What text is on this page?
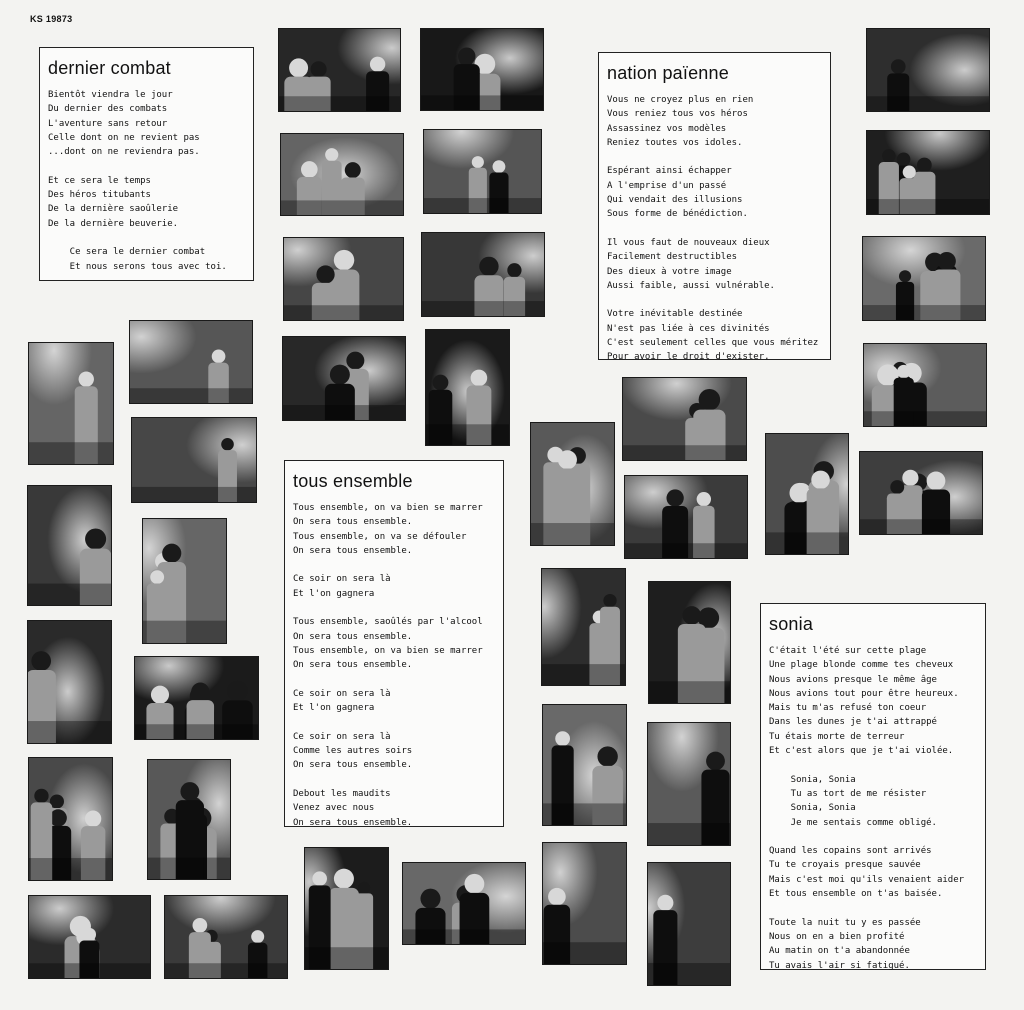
KS 19873
dernier combat
Bientôt viendra le jour
Du dernier des combats
L'aventure sans retour
Celle dont on ne revient pas
...dont on ne reviendra pas.
Et ce sera le temps
Des héros titubants
De la dernière saoûlerie
De la dernière beuverie.
Ce sera le dernier combat
Et nous serons tous avec toi.
nation païenne
Vous ne croyez plus en rien
Vous reniez tous vos héros
Assassinez vos modèles
Reniez toutes vos idoles.
Espérant ainsi échapper
A l'emprise d'un passé
Qui vendait des illusions
Sous forme de bénédiction.
Il vous faut de nouveaux dieux
Facilement destructibles
Des dieux à votre image
Aussi faible, aussi vulnérable.
Votre inévitable destinée
N'est pas liée à ces divinités
C'est seulement celles que vous méritez
Pour avoir le droit d'exister.
tous ensemble
Tous ensemble, on va bien se marrer
On sera tous ensemble.
Tous ensemble, on va se défouler
On sera tous ensemble.
Ce soir on sera là
Et l'on gagnera
Tous ensemble, saoûlés par l'alcool
On sera tous ensemble.
Tous ensemble, on va bien se marrer
On sera tous ensemble.
Ce soir on sera là
Et l'on gagnera
Ce soir on sera là
Comme les autres soirs
On sera tous ensemble.
Debout les maudits
Venez avec nous
On sera tous ensemble.
sonia
C'était l'été sur cette plage
Une plage blonde comme tes cheveux
Nous avions presque le même âge
Nous avions tout pour être heureux.
Mais tu m'as refusé ton coeur
Dans les dunes je t'ai attrappé
Tu étais morte de terreur
Et c'est alors que je t'ai violée.
Sonia, Sonia
Tu as tort de me résister
Sonia, Sonia
Je me sentais comme obligé.
Quand les copains sont arrivés
Tu te croyais presque sauvée
Mais c'est moi qu'ils venaient aider
Et tous ensemble on t'as baisée.
Toute la nuit tu y es passée
Nous on en a bien profité
Au matin on t'a abandonnée
Tu avais l'air si fatigué.
